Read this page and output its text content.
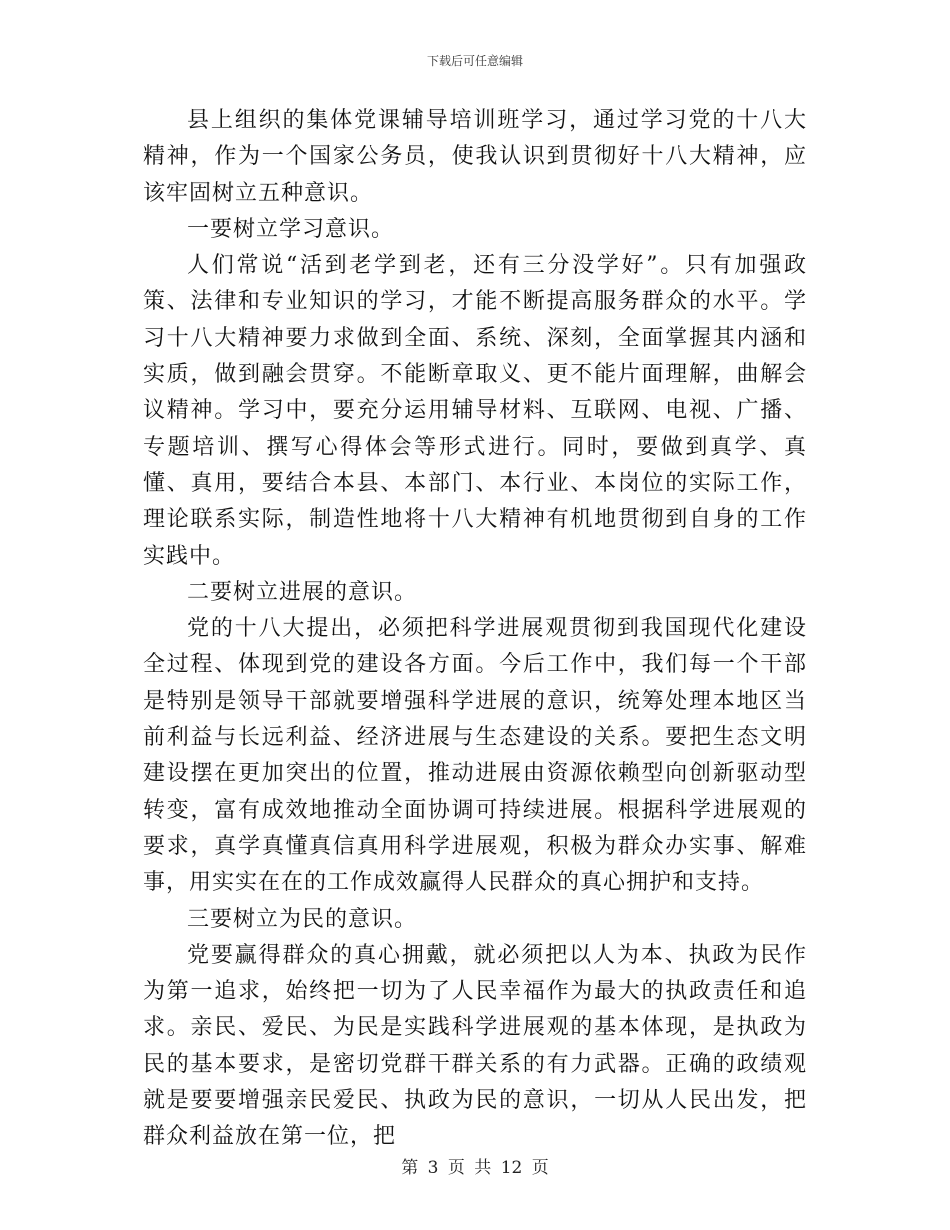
下载后可任意编辑

县上组织的集体党课辅导培训班学习，通过学习党的十八大精神，作为一个国家公务员，使我认识到贯彻好十八大精神，应该牢固树立五种意识。

一要树立学习意识。

人们常说“活到老学到老，还有三分没学好”。只有加强政策、法律和专业知识的学习，才能不断提高服务群众的水平。学习十八大精神要力求做到全面、系统、深刻，全面掌握其内涵和实质，做到融会贯穿。不能断章取义、更不能片面理解，曲解会议精神。学习中，要充分运用辅导材料、互联网、电视、广播、专题培训、撰写心得体会等形式进行。同时，要做到真学、真懂、真用，要结合本县、本部门、本行业、本岗位的实际工作，理论联系实际，制造性地将十八大精神有机地贯彻到自身的工作实践中。

二要树立进展的意识。

党的十八大提出，必须把科学进展观贯彻到我国现代化建设全过程、体现到党的建设各方面。今后工作中，我们每一个干部是特别是领导干部就要增强科学进展的意识，统筹处理本地区当前利益与长远利益、经济进展与生态建设的关系。要把生态文明建设摆在更加突出的位置，推动进展由资源依赖型向创新驱动型转变，富有成效地推动全面协调可持续进展。根据科学进展观的要求，真学真懂真信真用科学进展观，积极为群众办实事、解难事，用实实在在的工作成效赢得人民群众的真心拥护和支持。

三要树立为民的意识。

党要赢得群众的真心拥戴，就必须把以人为本、执政为民作为第一追求，始终把一切为了人民幸福作为最大的执政责任和追求。亲民、爱民、为民是实践科学进展观的基本体现，是执政为民的基本要求，是密切党群干群关系的有力武器。正确的政绩观就是要要增强亲民爱民、执政为民的意识，一切从人民出发，把群众利益放在第一位，把

第 3 页 共 12 页
